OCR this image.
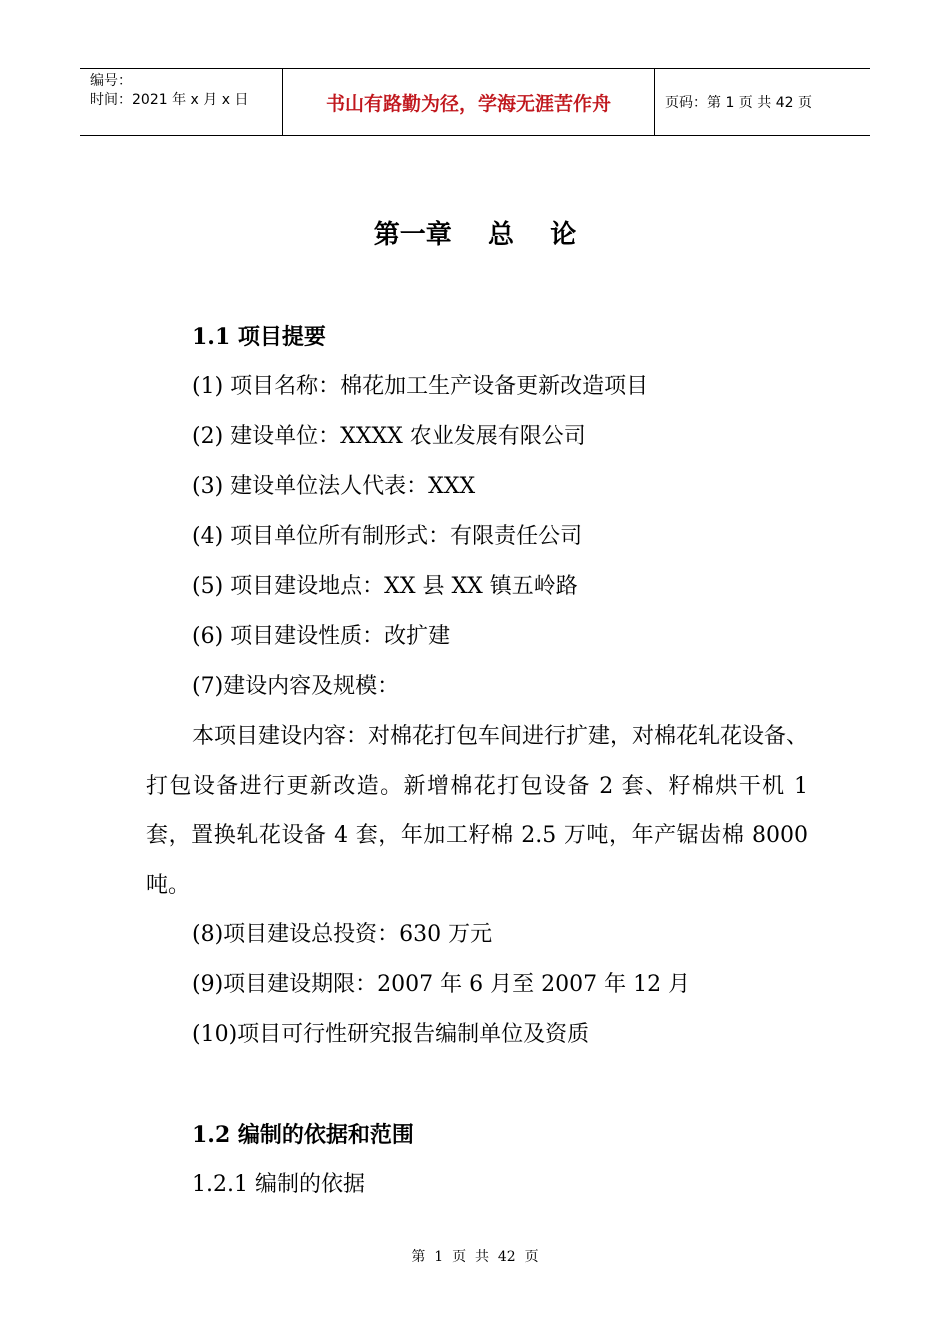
编号：
时间：2021 年 x 月 x 日	书山有路勤为径，学海无涯苦作舟	页码：第 1 页 共 42 页
第一章    总    论
1.1 项目提要
(1) 项目名称：棉花加工生产设备更新改造项目
(2) 建设单位：XXXX 农业发展有限公司
(3) 建设单位法人代表：XXX
(4) 项目单位所有制形式：有限责任公司
(5) 项目建设地点：XX 县 XX 镇五岭路
(6) 项目建设性质：改扩建
(7)建设内容及规模：

本项目建设内容：对棉花打包车间进行扩建，对棉花轧花设备、打包设备进行更新改造。新增棉花打包设备 2 套、籽棉烘干机 1 套，置换轧花设备 4 套，年加工籽棉 2.5 万吨，年产锯齿棉 8000 吨。

(8)项目建设总投资：630 万元
(9)项目建设期限：2007 年 6 月至 2007 年 12 月
(10)项目可行性研究报告编制单位及资质
1.2 编制的依据和范围
1.2.1 编制的依据
第  1  页  共  42  页
